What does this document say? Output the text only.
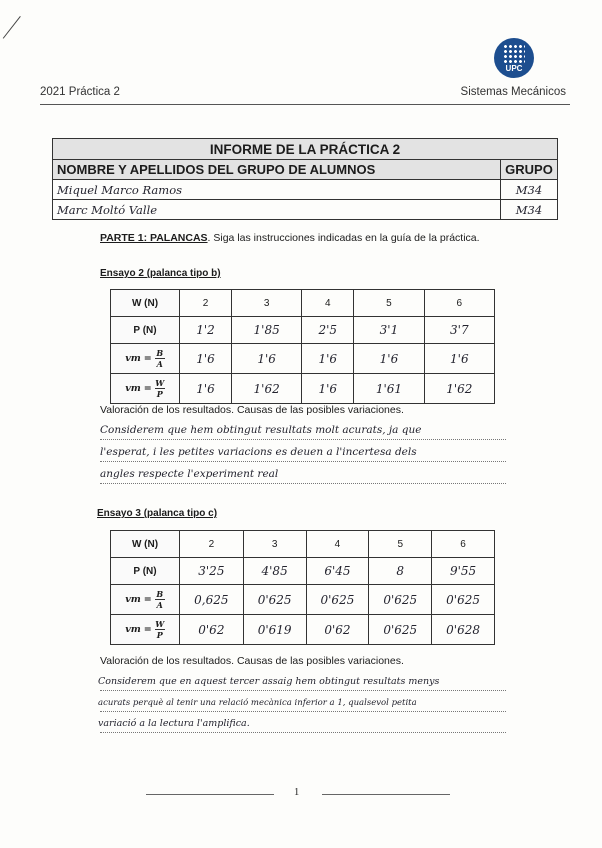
UPC
2021 Práctica 2	Sistemas Mecánicos
INFORME DE LA PRÁCTICA 2	
NOMBRE Y APELLIDOS DEL GRUPO DE ALUMNOS	GRUPO
Miquel Marco Ramos	M34
Marc Moltó Valle	M34
PARTE 1: PALANCAS. Siga las instrucciones indicadas en la guía de la práctica.
Ensayo 2 (palanca tipo b)
W (N)	2	3	4	5	6
P (N)	1'2	1'85	2'5	3'1	3'7

vm = B
A	1'6	1'6	1'6	1'6	1'6

vm = W
P	1'6	1'62	1'6	1'61	1'62
Valoración de los resultados. Causas de las posibles variaciones.
Considerem que hem obtingut resultats molt acurats, ja que
l'esperat, i les petites variacions es deuen a l'incertesa dels
angles respecte l'experiment real
Ensayo 3 (palanca tipo c)
W (N)	2	3	4	5	6
P (N)	3'25	4'85	6'45	8	9'55

vm = B
A	0,625	0'625	0'625	0'625	0'625

vm = W
P	0'62	0'619	0'62	0'625	0'628
Valoración de los resultados. Causas de las posibles variaciones.
Considerem que en aquest tercer assaig hem obtingut resultats menys
acurats perquè al tenir una relació mecànica inferior a 1, qualsevol petita
variació a la lectura l'amplifica.
1
